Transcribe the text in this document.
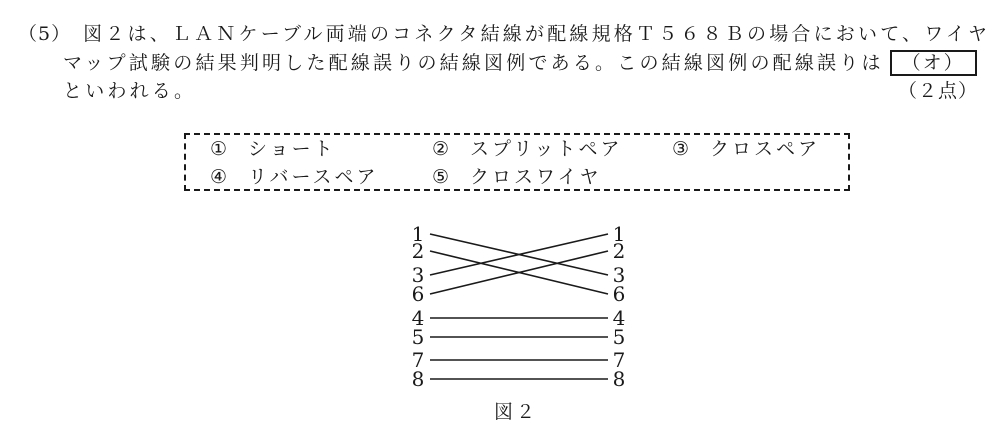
（5） 図２は、ＬＡＮケーブル両端のコネクタ結線が配線規格Ｔ５６８Ｂの場合において、ワイヤ
マップ試験の結果判明した配線誤りの結線図例である。この結線図例の配線誤りは （オ）
といわれる。	（２点）
① ショート	② スプリットペア	③ クロスペア
④ リバースペア	⑤ クロスワイヤ
1
2
3
6
4
5
7
8
1
2
3
6
4
5
7
8
図２
